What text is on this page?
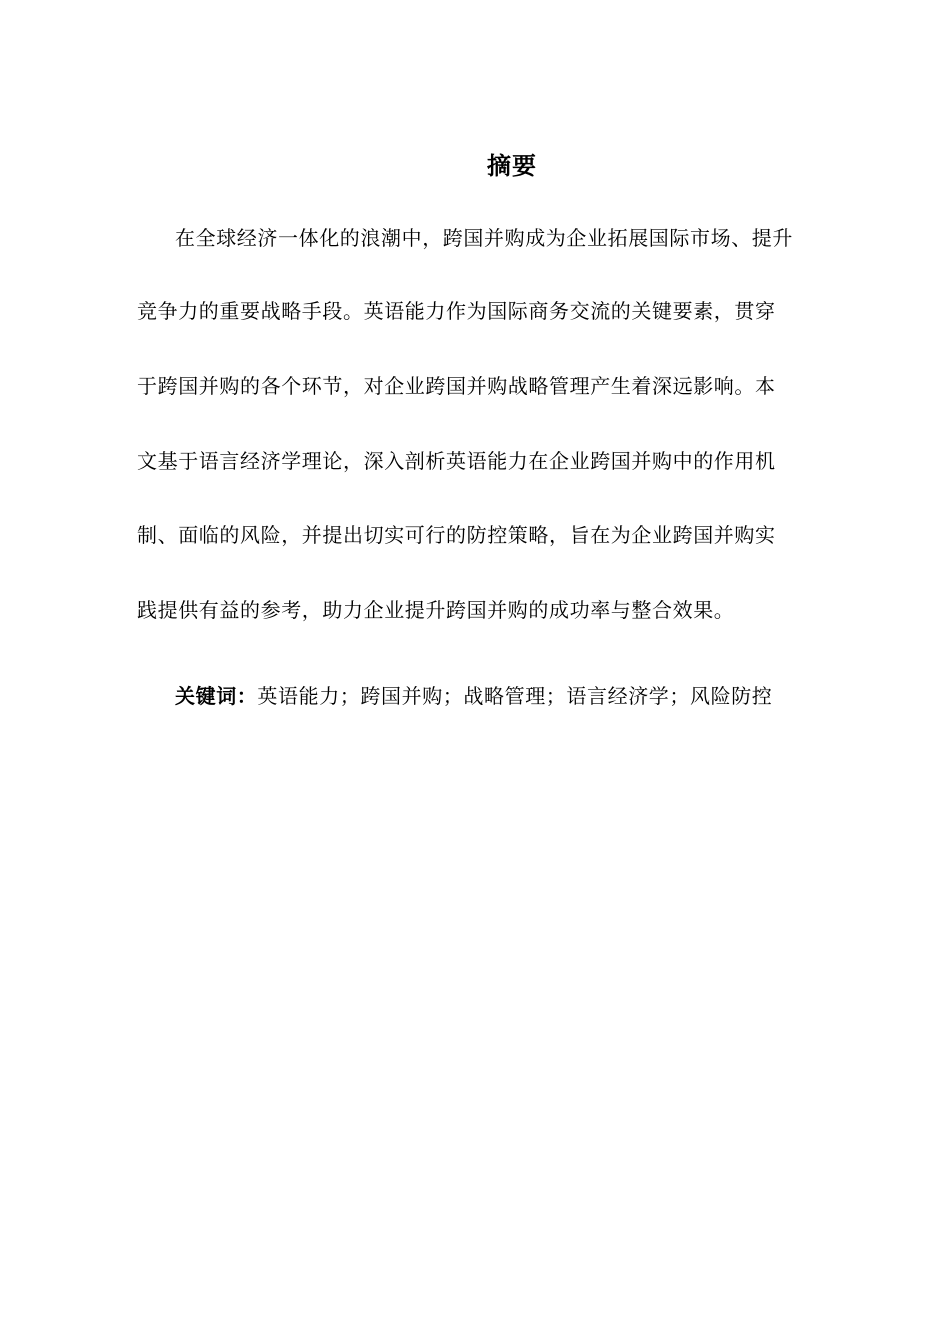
摘要
在全球经济一体化的浪潮中，跨国并购成为企业拓展国际市场、提升
竞争力的重要战略手段。英语能力作为国际商务交流的关键要素，贯穿
于跨国并购的各个环节，对企业跨国并购战略管理产生着深远影响。本
文基于语言经济学理论，深入剖析英语能力在企业跨国并购中的作用机
制、面临的风险，并提出切实可行的防控策略，旨在为企业跨国并购实
践提供有益的参考，助力企业提升跨国并购的成功率与整合效果。
关键词：英语能力；跨国并购；战略管理；语言经济学；风险防控
